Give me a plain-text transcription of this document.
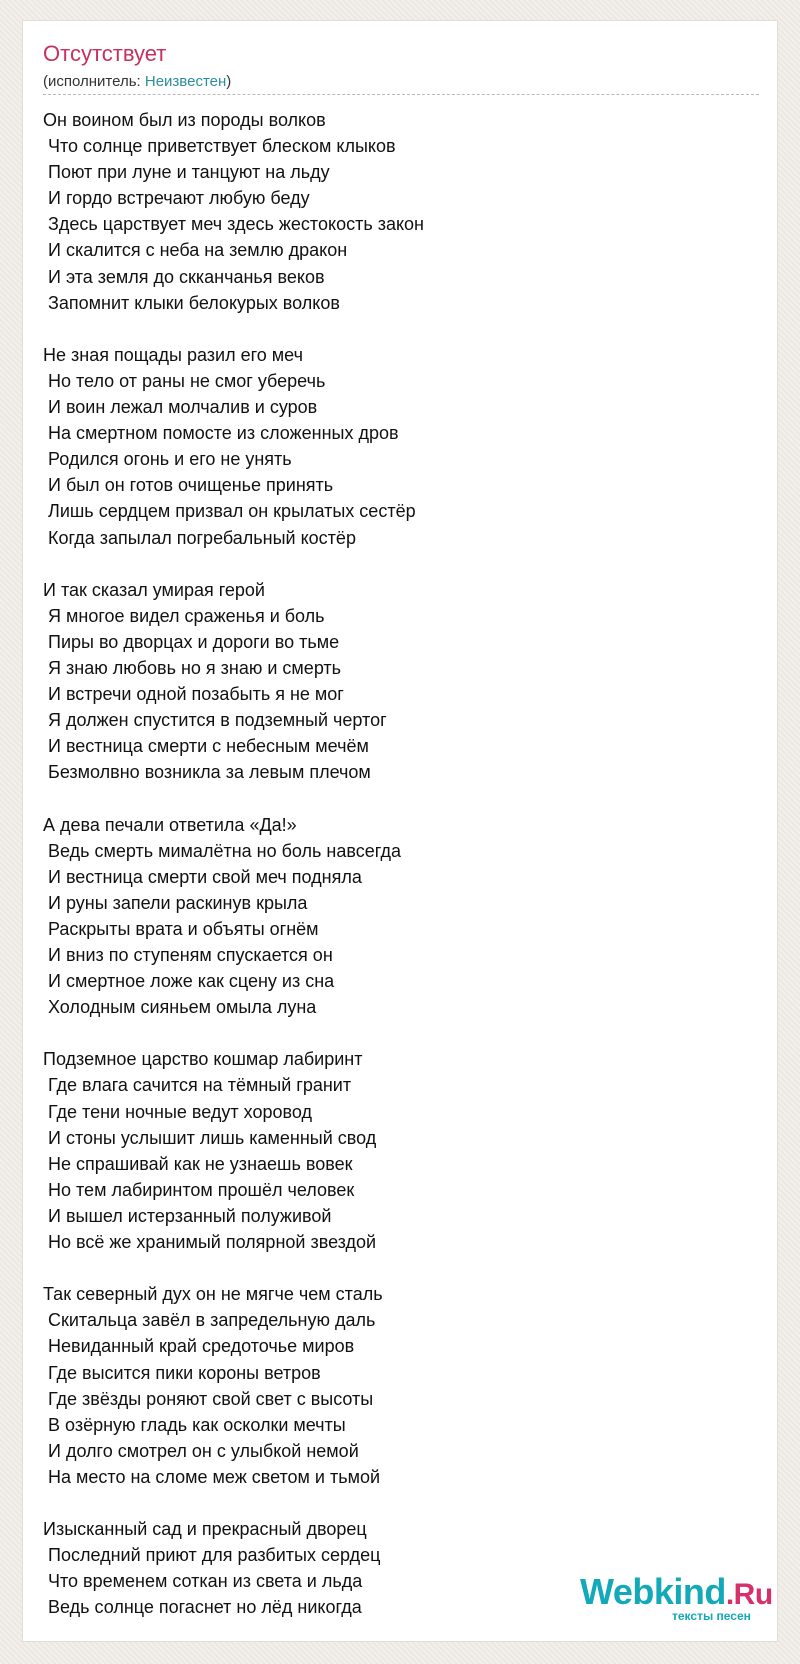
Отсутствует
(исполнитель: Неизвестен)
Он воином был из породы волков
Что солнце приветствует блеском клыков
Поют при луне и танцуют на льду
И гордо встречают любую беду
Здесь царствует меч здесь жестокость закон
И скалится с неба на землю дракон
И эта земля до скканчанья веков
Запомнит клыки белокурых волков
Не зная пощады разил его меч
Но тело от раны не смог уберечь
И воин лежал молчалив и суров
На смертном помосте из сложенных дров
Родился огонь и его не унять
И был он готов очищенье принять
Лишь сердцем призвал он крылатых сестёр
Когда запылал погребальный костёр
И так сказал умирая герой
Я многое видел сраженья и боль
Пиры во дворцах и дороги во тьме
Я знаю любовь но я знаю и смерть
И встречи одной позабыть я не мог
Я должен спустится в подземный чертог
И вестница смерти с небесным мечём
Безмолвно возникла за левым плечом
А дева печали ответила «Да!»
Ведь смерть мималётна но боль навсегда
И вестница смерти свой меч подняла
И руны запели раскинув крыла
Раскрыты врата и объяты огнём
И вниз по ступеням спускается он
И смертное ложе как сцену из сна
Холодным сияньем омыла луна
Подземное царство кошмар лабиринт
Где влага сачится на тёмный гранит
Где тени ночные ведут хоровод
И стоны услышит лишь каменный свод
Не спрашивай как не узнаешь вовек
Но тем лабиринтом прошёл человек
И вышел истерзанный полуживой
Но всё же хранимый полярной звездой
Так северный дух он не мягче чем сталь
Скитальца завёл в запредельную даль
Невиданный край средоточье миров
Где высится пики короны ветров
Где звёзды роняют свой свет с высоты
В озёрную гладь как осколки мечты
И долго смотрел он с улыбкой немой
На место на сломе меж светом и тьмой
Изысканный сад и прекрасный дворец
Последний приют для разбитых сердец
Что временем соткан из света и льда
Ведь солнце погаснет но лёд никогда	Webkind.Ru
тексты песен
